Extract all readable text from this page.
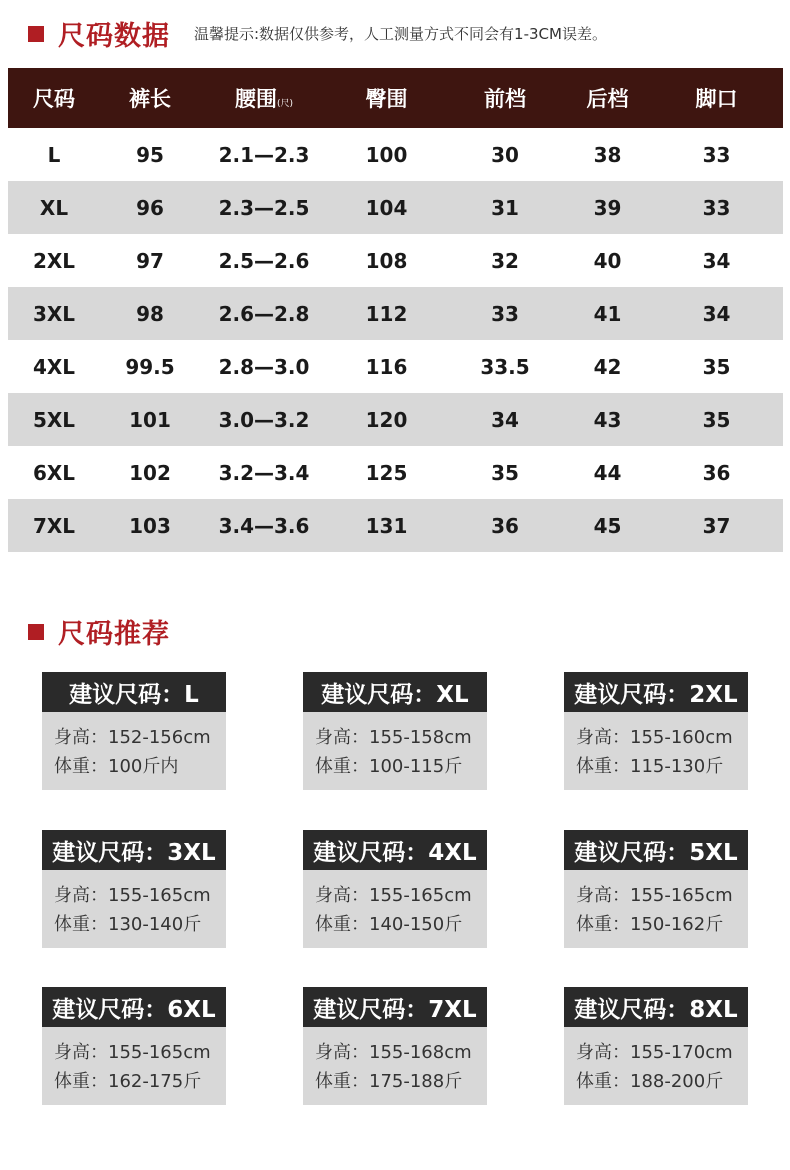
尺码数据 温馨提示:数据仅供参考，人工测量方式不同会有1-3CM误差。
尺码	裤长	腰围(尺)	臀围	前档	后档	脚口
L	95	2.1—2.3	100	30	38	33
XL	96	2.3—2.5	104	31	39	33
2XL	97	2.5—2.6	108	32	40	34
3XL	98	2.6—2.8	112	33	41	34
4XL	99.5	2.8—3.0	116	33.5	42	35
5XL	101	3.0—3.2	120	34	43	35
6XL	102	3.2—3.4	125	35	44	36
7XL	103	3.4—3.6	131	36	45	37
尺码推荐
建议尺码：L
身高：152-156cm
体重：100斤内
建议尺码：XL
身高：155-158cm
体重：100-115斤
建议尺码：2XL
身高：155-160cm
体重：115-130斤
建议尺码：3XL
身高：155-165cm
体重：130-140斤
建议尺码：4XL
身高：155-165cm
体重：140-150斤
建议尺码：5XL
身高：155-165cm
体重：150-162斤
建议尺码：6XL
身高：155-165cm
体重：162-175斤
建议尺码：7XL
身高：155-168cm
体重：175-188斤
建议尺码：8XL
身高：155-170cm
体重：188-200斤
